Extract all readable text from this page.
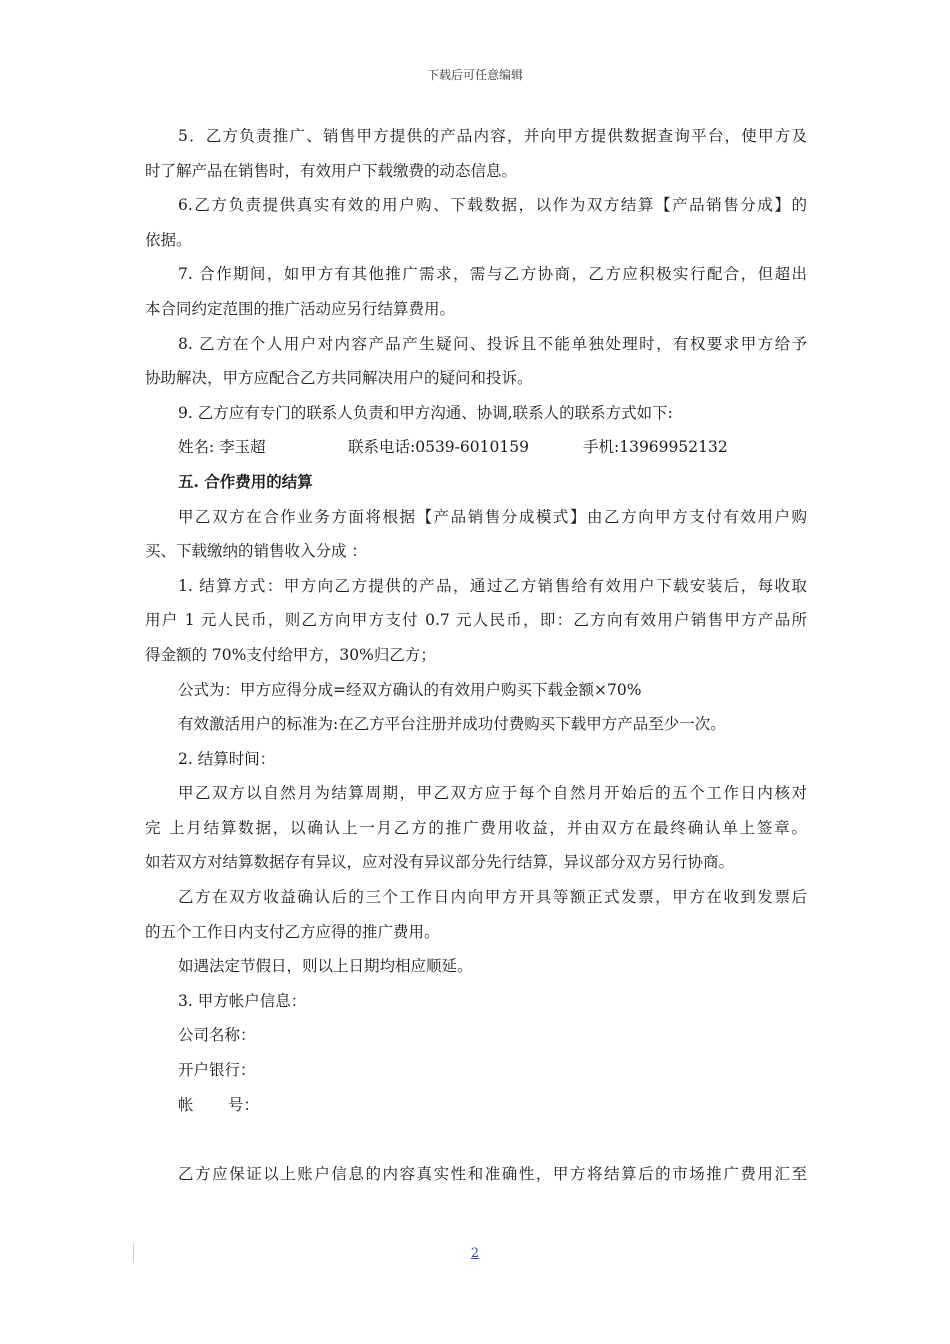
下载后可任意编辑
5．乙方负责推广、销售甲方提供的产品内容，并向甲方提供数据查询平台，使甲方及
时了解产品在销售时，有效用户下载缴费的动态信息。
6.乙方负责提供真实有效的用户购、下载数据，以作为双方结算【产品销售分成】的
依据。
7. 合作期间，如甲方有其他推广需求，需与乙方协商，乙方应积极实行配合，但超出
本合同约定范围的推广活动应另行结算费用。
8. 乙方在个人用户对内容产品产生疑问、投诉且不能单独处理时，有权要求甲方给予
协助解决，甲方应配合乙方共同解决用户的疑问和投诉。
9. 乙方应有专门的联系人负责和甲方沟通、协调,联系人的联系方式如下:
姓名: 李玉超	联系电话:0539-6010159	手机:13969952132
五. 合作费用的结算
甲乙双方在合作业务方面将根据【产品销售分成模式】由乙方向甲方支付有效用户购
买、下载缴纳的销售收入分成 ：
1. 结算方式：甲方向乙方提供的产品，通过乙方销售给有效用户下载安装后，每收取
用户 1 元人民币，则乙方向甲方支付 0.7 元人民币，即：乙方向有效用户销售甲方产品所
得金额的 70%支付给甲方，30%归乙方；
公式为：甲方应得分成=经双方确认的有效用户购买下载金额×70%
有效激活用户的标准为:在乙方平台注册并成功付费购买下载甲方产品至少一次。
2. 结算时间：
甲乙双方以自然月为结算周期，甲乙双方应于每个自然月开始后的五个工作日内核对
完 上月结算数据，以确认上一月乙方的推广费用收益，并由双方在最终确认单上签章。
如若双方对结算数据存有异议，应对没有异议部分先行结算，异议部分双方另行协商。
乙方在双方收益确认后的三个工作日内向甲方开具等额正式发票，甲方在收到发票后
的五个工作日内支付乙方应得的推广费用。
如遇法定节假日，则以上日期均相应顺延。
3. 甲方帐户信息：
公司名称：
开户银行：
帐 号：
乙方应保证以上账户信息的内容真实性和准确性，甲方将结算后的市场推广费用汇至
2
